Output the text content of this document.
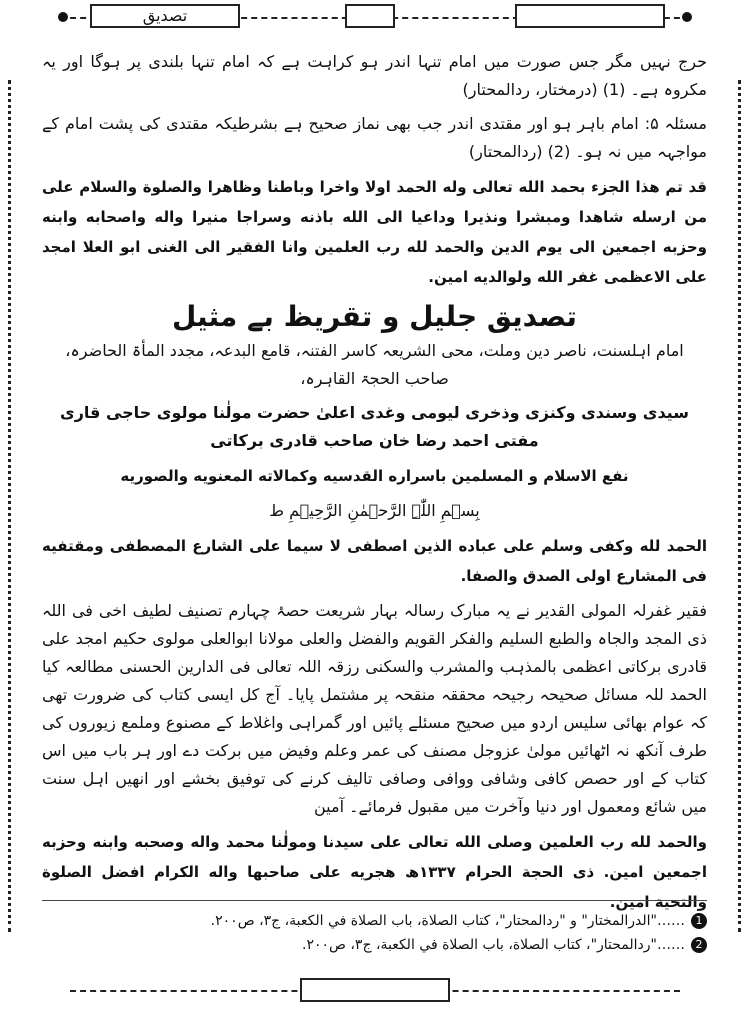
تصدیق

حرج نہیں مگر جس صورت میں امام تنہا اندر ہو کراہت ہے کہ امام تنہا بلندی پر ہوگا اور یہ مکروہ ہے۔ (1) (درمختار، ردالمحتار)

مسئلہ ۵: امام باہر ہو اور مقتدی اندر جب بھی نماز صحیح ہے بشرطیکہ مقتدی کی پشت امام کے مواجہہ میں نہ ہو۔ (2) (ردالمحتار)

قد تم هذا الجزء بحمد الله تعالى وله الحمد اولا واخرا وباطنا وظاهرا والصلوة والسلام على من ارسله شاهدا ومبشرا ونذيرا وداعيا الى الله باذنه وسراجا منيرا واله واصحابه وابنه وحزبه اجمعين الى يوم الدين والحمد لله رب العلمين وانا الفقير الى الغنى ابو العلا امجد على الاعظمى غفر الله ولوالديه امين.

تصديق جليل و تقريظ بے مثيل

امام اہلسنت، ناصر دین وملت، محی الشریعہ کاسر الفتنہ، قامع البدعہ، مجدد المأۃ الحاضرہ، صاحب الحجۃ القاہرہ،

سیدی وسندی وکنزی وذخری لیومی وغدی اعلیٰ حضرت مولٰنا مولوی حاجی قاری مفتی احمد رضا خان صاحب قادری برکاتی

نفع الاسلام و المسلمين باسراره القدسيه وكمالاته المعنويه والصوريه

بِسۡمِ اللّٰہِ الرَّحۡمٰنِ الرَّحِیۡمِ ط

الحمد لله وكفى وسلم على عباده الذين اصطفى لا سيما على الشارع المصطفى ومقتفيه فى المشارع اولى الصدق والصفا.

فقیر غفرلہ المولی القدیر نے یہ مبارک رسالہ بہار شریعت حصۂ چہارم تصنیف لطیف اخی فی اللہ ذی المجد والجاہ والطبع السلیم والفکر القویم والفضل والعلی مولانا ابوالعلی مولوی حکیم امجد علی قادری برکاتی اعظمی بالمذہب والمشرب والسکنی رزقہ اللہ تعالی فی الدارین الحسنی مطالعہ کیا الحمد للہ مسائل صحیحہ رجیحہ محققہ منقحہ پر مشتمل پایا۔ آج کل ایسی کتاب کی ضرورت تھی کہ عوام بھائی سلیس اردو میں صحیح مسئلے پائیں اور گمراہی واغلاط کے مصنوع وملمع زیوروں کی طرف آنکھ نہ اٹھائیں مولیٰ عزوجل مصنف کی عمر وعلم وفیض میں برکت دے اور ہر باب میں اس کتاب کے اور حصص کافی وشافی ووافی وصافی تالیف کرنے کی توفیق بخشے اور انھیں اہل سنت میں شائع ومعمول اور دنیا وآخرت میں مقبول فرمائے۔ آمین

والحمد لله رب العلمين وصلى الله تعالى على سيدنا ومولٰنا محمد واله وصحبه وابنه وحزبه اجمعين امين. ذى الحجة الحرام ۱۳۳۷ھ هجريه على صاحبها واله الكرام افضل الصلوة والتحية امين.

1
……"الدرالمختار" و "ردالمحتار"، كتاب الصلاة، باب الصلاة في الكعبة، ج۳، ص۲۰۰.
2
……"ردالمحتار"، كتاب الصلاة، باب الصلاة في الكعبة، ج۳، ص۲۰۰.
